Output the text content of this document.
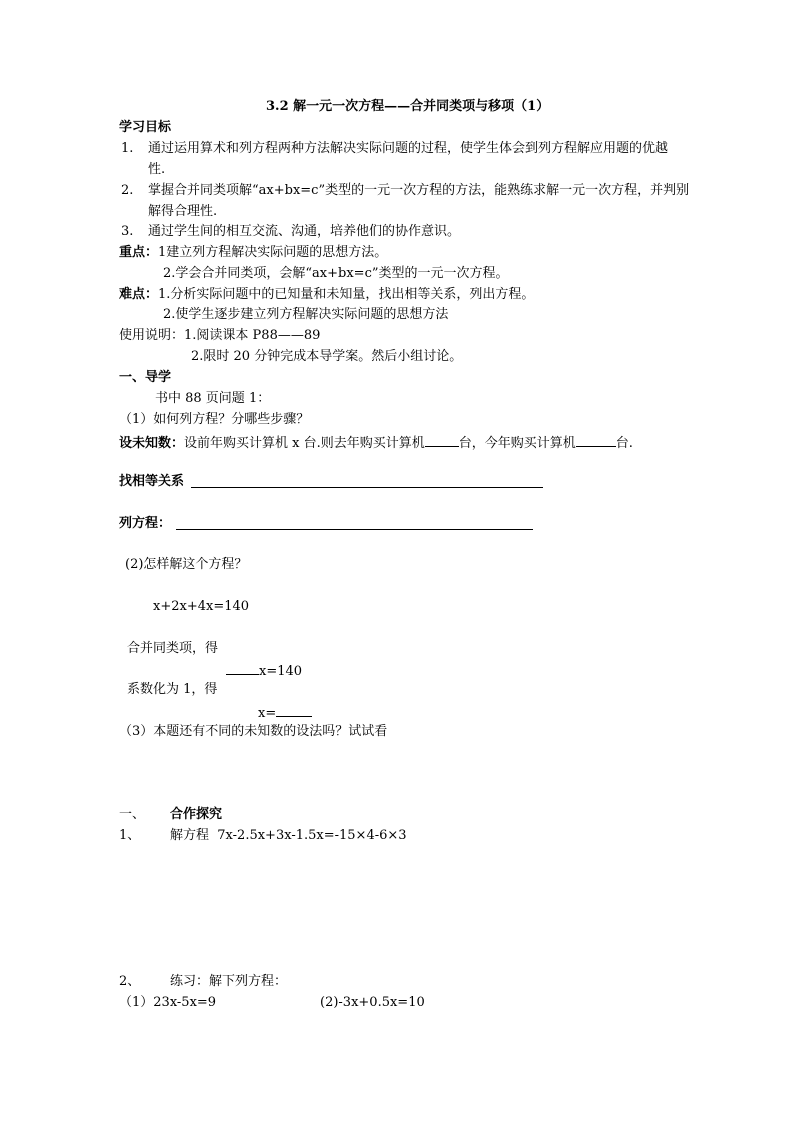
3.2 解一元一次方程——合并同类项与移项（1）
学习目标
1. 通过运用算术和列方程两种方法解决实际问题的过程，使学生体会到列方程解应用题的优越
性.
2. 掌握合并同类项解“ax+bx=c”类型的一元一次方程的方法，能熟练求解一元一次方程，并判别
解得合理性.
3. 通过学生间的相互交流、沟通，培养他们的协作意识。
重点：1建立列方程解决实际问题的思想方法。
2.学会合并同类项，会解“ax+bx=c”类型的一元一次方程。
难点：1.分析实际问题中的已知量和未知量，找出相等关系，列出方程。
2.使学生逐步建立列方程解决实际问题的思想方法
使用说明：1.阅读课本 P88——89
2.限时 20 分钟完成本导学案。然后小组讨论。
一、导学
书中 88 页问题 1：
（1）如何列方程？分哪些步骤？
设未知数：设前年购买计算机 x 台.则去年购买计算机	台，今年购买计算机	台.
找相等关系
列方程：
(2)怎样解这个方程？
x+2x+4x=140
合并同类项，得
x=140
系数化为 1，得
x=
（3）本题还有不同的未知数的设法吗？试试看
一、 合作探究
1、 解方程 7x-2.5x+3x-1.5x=-15×4-6×3
2、 练习：解下列方程：
（1）23x-5x=9	(2)-3x+0.5x=10
